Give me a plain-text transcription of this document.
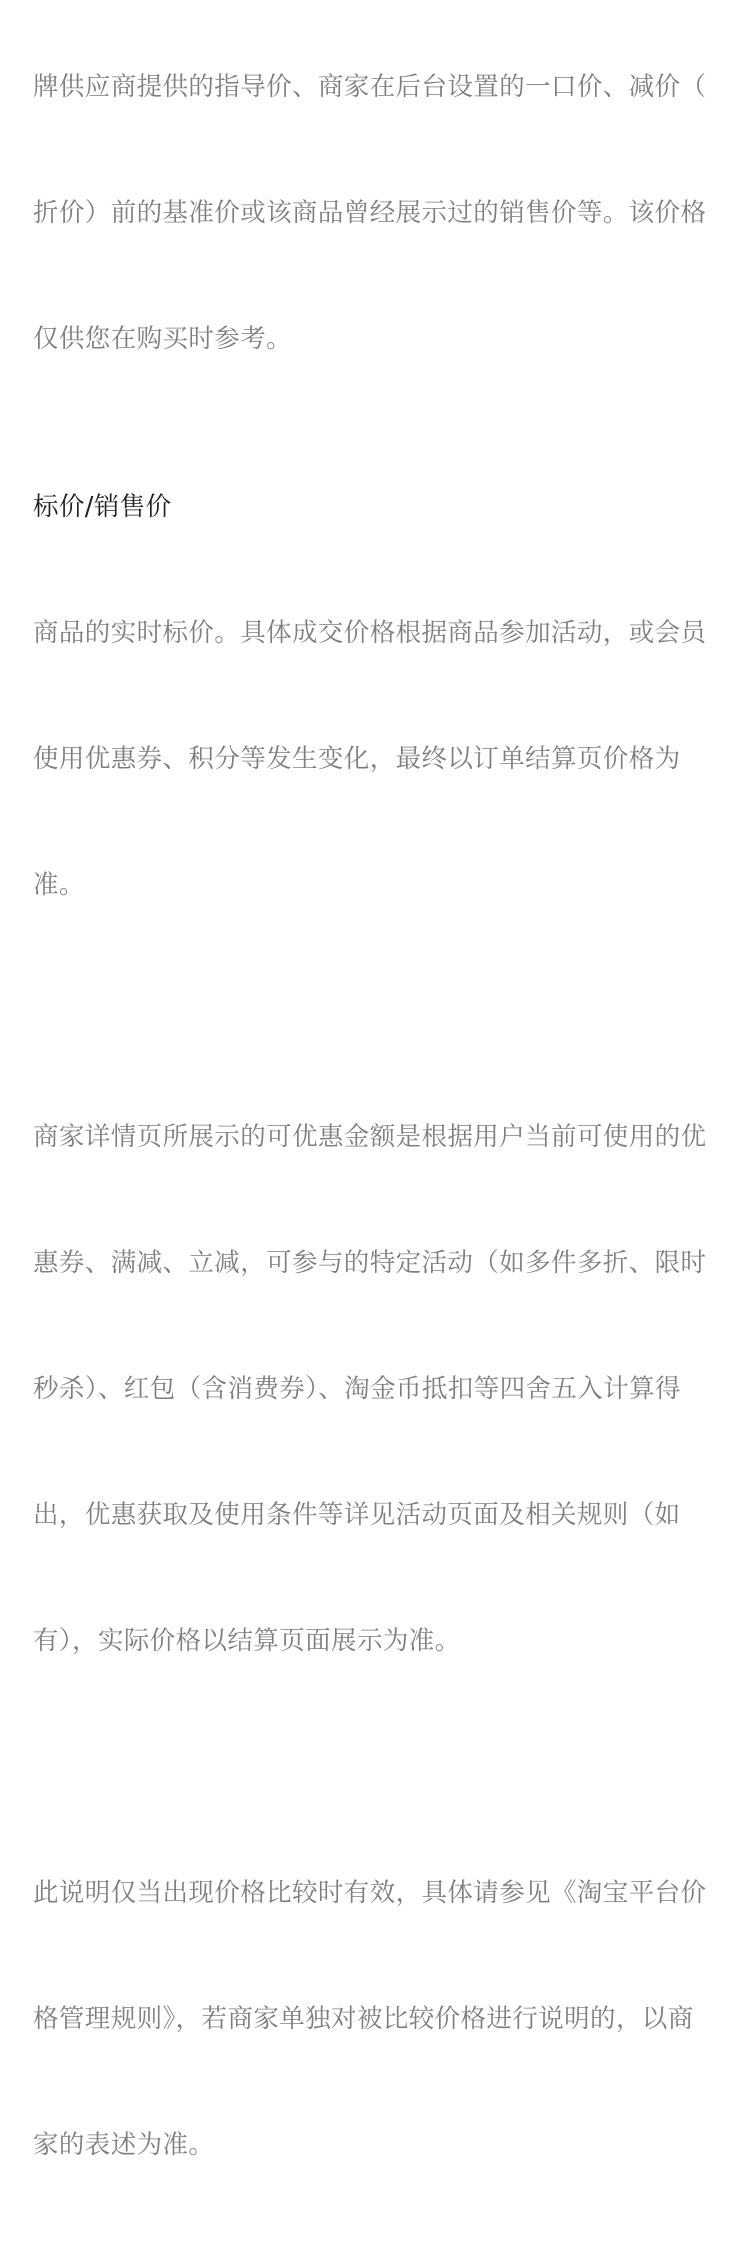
牌供应商提供的指导价、商家在后台设置的一口价、减价（

折价）前的基准价或该商品曾经展示过的销售价等。该价格

仅供您在购买时参考。

标价/销售价

商品的实时标价。具体成交价格根据商品参加活动，或会员

使用优惠券、积分等发生变化，最终以订单结算页价格为

准。

商家详情页所展示的可优惠金额是根据用户当前可使用的优

惠券、满减、立减，可参与的特定活动（如多件多折、限时

秒杀）、红包（含消费券）、淘金币抵扣等四舍五入计算得

出，优惠获取及使用条件等详见活动页面及相关规则（如

有），实际价格以结算页面展示为准。

此说明仅当出现价格比较时有效，具体请参见《淘宝平台价

格管理规则》，若商家单独对被比较价格进行说明的，以商

家的表述为准。
